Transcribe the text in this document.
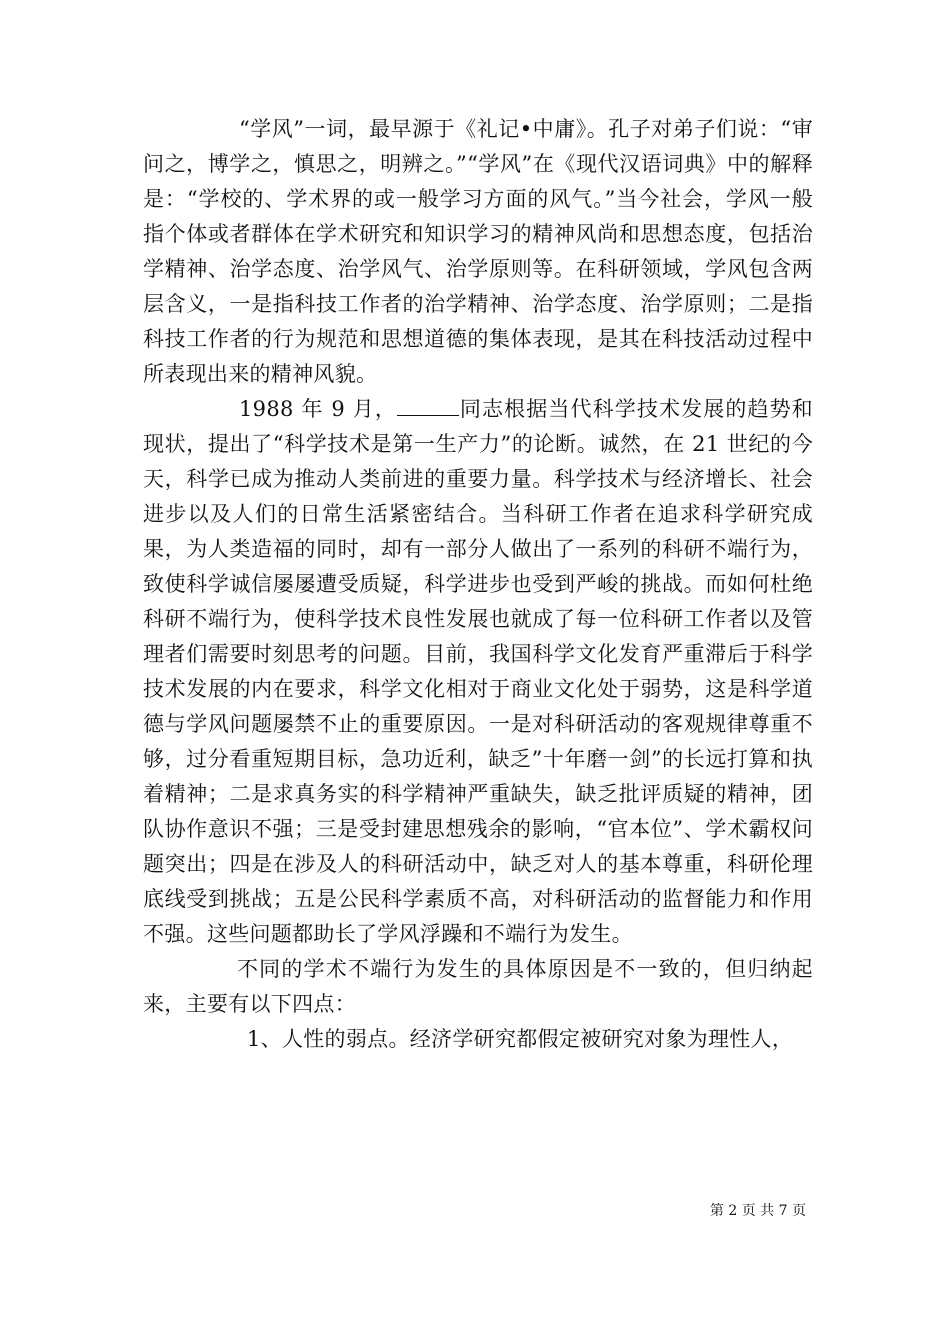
“学风”一词，最早源于《礼记•中庸》。孔子对弟子们说：“审问之，博学之，慎思之，明辨之。”“学风”在《现代汉语词典》中的解释是：“学校的、学术界的或一般学习方面的风气。”当今社会，学风一般指个体或者群体在学术研究和知识学习的精神风尚和思想态度，包括治学精神、治学态度、治学风气、治学原则等。在科研领域，学风包含两层含义，一是指科技工作者的治学精神、治学态度、治学原则；二是指科技工作者的行为规范和思想道德的集体表现，是其在科技活动过程中所表现出来的精神风貌。

1988 年 9 月，	同志根据当代科学技术发展的趋势和现状，提出了“科学技术是第一生产力”的论断。诚然，在 21 世纪的今天，科学已成为推动人类前进的重要力量。科学技术与经济增长、社会进步以及人们的日常生活紧密结合。当科研工作者在追求科学研究成果，为人类造福的同时，却有一部分人做出了一系列的科研不端行为，致使科学诚信屡屡遭受质疑，科学进步也受到严峻的挑战。而如何杜绝科研不端行为，使科学技术良性发展也就成了每一位科研工作者以及管理者们需要时刻思考的问题。目前，我国科学文化发育严重滞后于科学技术发展的内在要求，科学文化相对于商业文化处于弱势，这是科学道德与学风问题屡禁不止的重要原因。一是对科研活动的客观规律尊重不够，过分看重短期目标，急功近利，缺乏”十年磨一剑”的长远打算和执着精神；二是求真务实的科学精神严重缺失，缺乏批评质疑的精神，团队协作意识不强；三是受封建思想残余的影响，“官本位”、学术霸权问题突出；四是在涉及人的科研活动中，缺乏对人的基本尊重，科研伦理底线受到挑战；五是公民科学素质不高，对科研活动的监督能力和作用不强。这些问题都助长了学风浮躁和不端行为发生。

不同的学术不端行为发生的具体原因是不一致的，但归纳起来，主要有以下四点：

1、人性的弱点。经济学研究都假定被研究对象为理性人，

第 2 页 共 7 页
